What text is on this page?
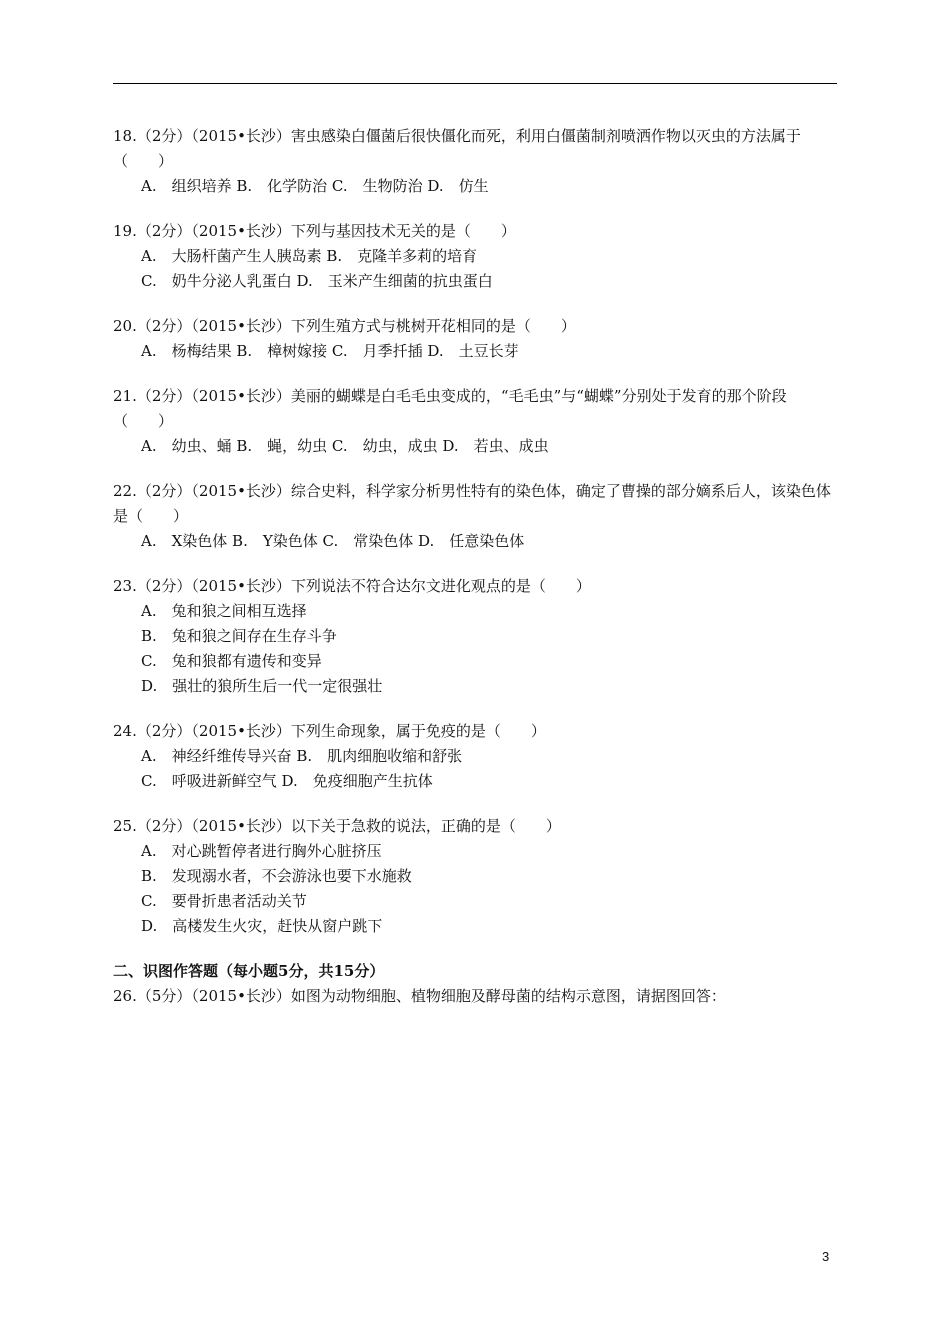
18.（2分）（2015•长沙）害虫感染白僵菌后很快僵化而死，利用白僵菌制剂喷洒作物以灭虫的方法属于（　　）

A.　组织培养 B.　化学防治 C.　生物防治 D.　仿生

19.（2分）（2015•长沙）下列与基因技术无关的是（　　）

A.　大肠杆菌产生人胰岛素 B.　克隆羊多莉的培育
C.　奶牛分泌人乳蛋白 D.　玉米产生细菌的抗虫蛋白

20.（2分）（2015•长沙）下列生殖方式与桃树开花相同的是（　　）

A.　杨梅结果 B.　樟树嫁接 C.　月季扦插 D.　土豆长芽

21.（2分）（2015•长沙）美丽的蝴蝶是白毛毛虫变成的，“毛毛虫”与“蝴蝶”分别处于发育的那个阶段（　　）

A.　幼虫、蛹 B.　蝇，幼虫 C.　幼虫，成虫 D.　若虫、成虫

22.（2分）（2015•长沙）综合史料，科学家分析男性特有的染色体，确定了曹操的部分嫡系后人，该染色体是（　　）

A.　X染色体 B.　Y染色体 C.　常染色体 D.　任意染色体

23.（2分）（2015•长沙）下列说法不符合达尔文进化观点的是（　　）

A.　兔和狼之间相互选择
B.　兔和狼之间存在生存斗争
C.　兔和狼都有遗传和变异
D.　强壮的狼所生后一代一定很强壮

24.（2分）（2015•长沙）下列生命现象，属于免疫的是（　　）

A.　神经纤维传导兴奋 B.　肌肉细胞收缩和舒张
C.　呼吸进新鲜空气 D.　免疫细胞产生抗体

25.（2分）（2015•长沙）以下关于急救的说法，正确的是（　　）

A.　对心跳暂停者进行胸外心脏挤压
B.　发现溺水者，不会游泳也要下水施救
C.　要骨折患者活动关节
D.　高楼发生火灾，赶快从窗户跳下
二、识图作答题（每小题5分，共15分）

26.（5分）（2015•长沙）如图为动物细胞、植物细胞及酵母菌的结构示意图，请据图回答：

3
